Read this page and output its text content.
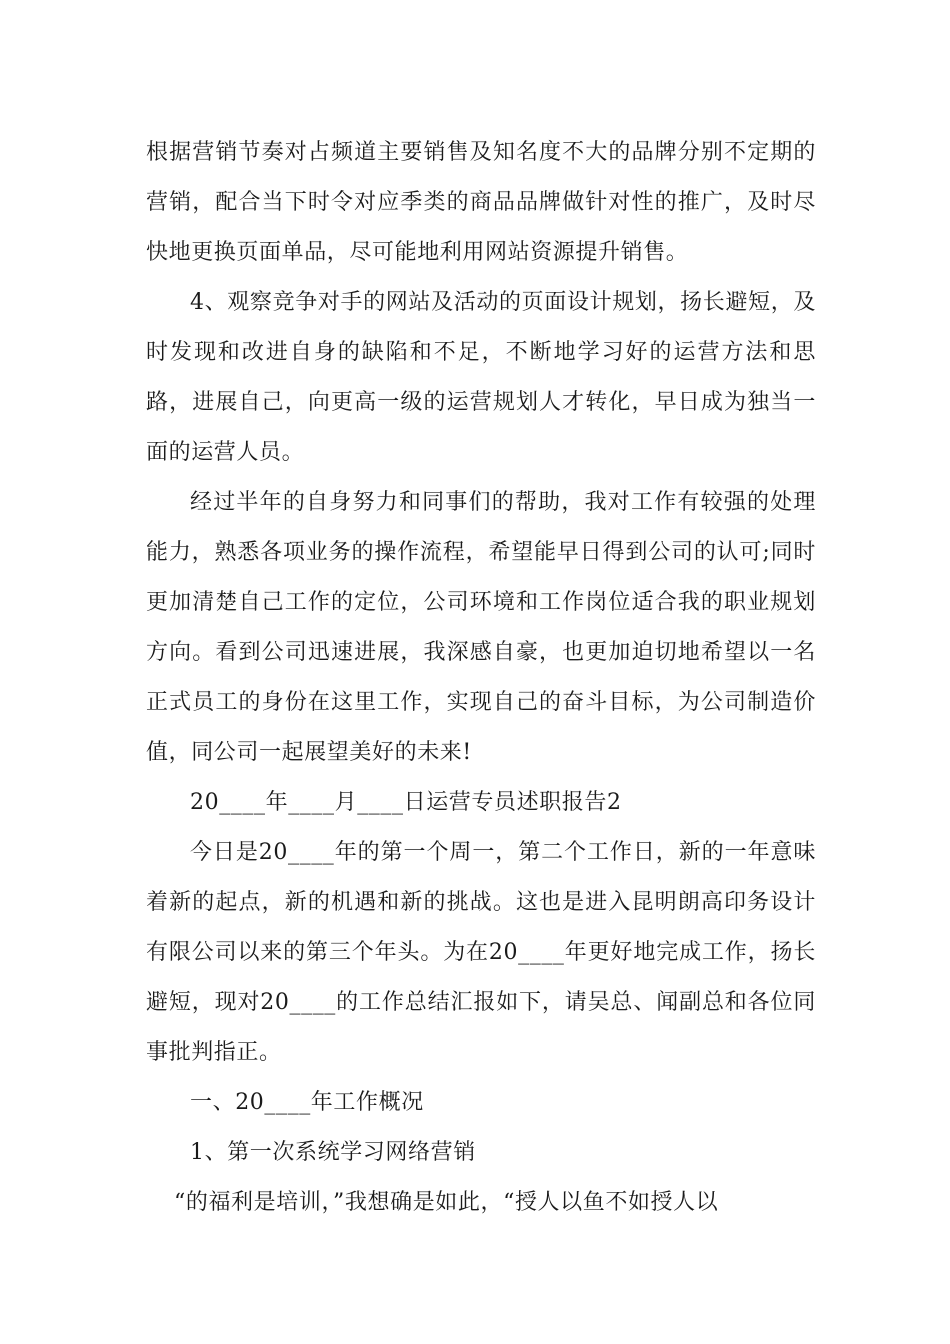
根据营销节奏对占频道主要销售及知名度不大的品牌分别不定期的营销，配合当下时令对应季类的商品品牌做针对性的推广，及时尽快地更换页面单品，尽可能地利用网站资源提升销售。

4、观察竞争对手的网站及活动的页面设计规划，扬长避短，及时发现和改进自身的缺陷和不足，不断地学习好的运营方法和思路，进展自己，向更高一级的运营规划人才转化，早日成为独当一面的运营人员。

经过半年的自身努力和同事们的帮助，我对工作有较强的处理能力，熟悉各项业务的操作流程，希望能早日得到公司的认可;同时更加清楚自己工作的定位，公司环境和工作岗位适合我的职业规划方向。看到公司迅速进展，我深感自豪，也更加迫切地希望以一名正式员工的身份在这里工作，实现自己的奋斗目标，为公司制造价值，同公司一起展望美好的未来!

20____年____月____日运营专员述职报告2

今日是20____年的第一个周一，第二个工作日，新的一年意味着新的起点，新的机遇和新的挑战。这也是进入昆明朗高印务设计有限公司以来的第三个年头。为在20____年更好地完成工作，扬长避短，现对20____的工作总结汇报如下，请吴总、闻副总和各位同事批判指正。

一、20____年工作概况

1、第一次系统学习网络营销

“的福利是培训，”我想确是如此，“授人以鱼不如授人以
